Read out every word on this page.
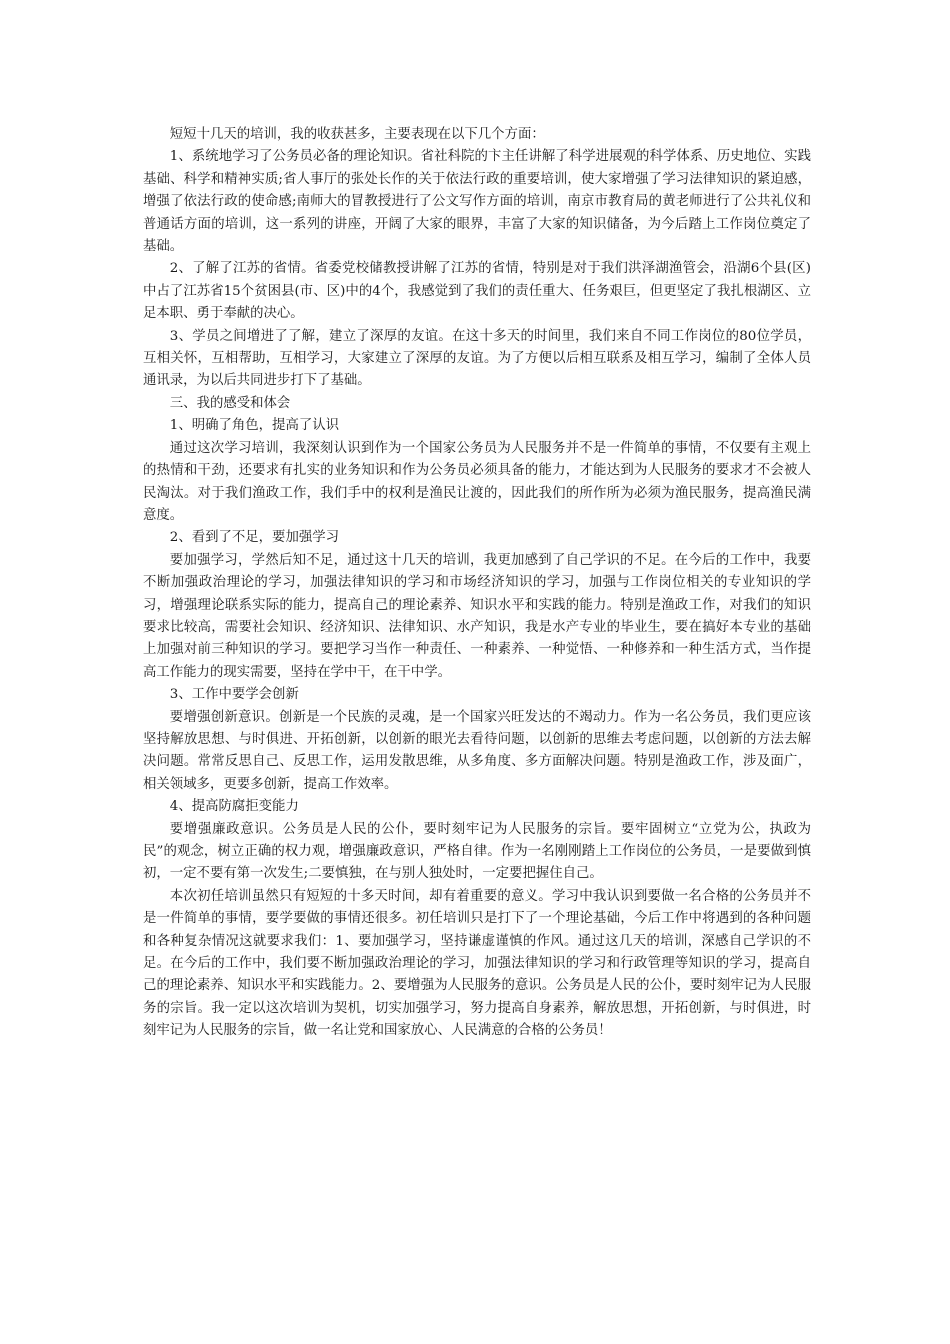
短短十几天的培训，我的收获甚多，主要表现在以下几个方面：

1、系统地学习了公务员必备的理论知识。省社科院的卞主任讲解了科学进展观的科学体系、历史地位、实践基础、科学和精神实质;省人事厅的张处长作的关于依法行政的重要培训，使大家增强了学习法律知识的紧迫感，增强了依法行政的使命感;南师大的冒教授进行了公文写作方面的培训，南京市教育局的黄老师进行了公共礼仪和普通话方面的培训，这一系列的讲座，开阔了大家的眼界，丰富了大家的知识储备，为今后踏上工作岗位奠定了基础。

2、了解了江苏的省情。省委党校储教授讲解了江苏的省情，特别是对于我们洪泽湖渔管会，沿湖6个县(区)中占了江苏省15个贫困县(市、区)中的4个，我感觉到了我们的责任重大、任务艰巨，但更坚定了我扎根湖区、立足本职、勇于奉献的决心。

3、学员之间增进了了解，建立了深厚的友谊。在这十多天的时间里，我们来自不同工作岗位的80位学员，互相关怀，互相帮助，互相学习，大家建立了深厚的友谊。为了方便以后相互联系及相互学习，编制了全体人员通讯录，为以后共同进步打下了基础。

三、我的感受和体会

1、明确了角色，提高了认识

通过这次学习培训，我深刻认识到作为一个国家公务员为人民服务并不是一件简单的事情，不仅要有主观上的热情和干劲，还要求有扎实的业务知识和作为公务员必须具备的能力，才能达到为人民服务的要求才不会被人民淘汰。对于我们渔政工作，我们手中的权利是渔民让渡的，因此我们的所作所为必须为渔民服务，提高渔民满意度。

2、看到了不足，要加强学习

要加强学习，学然后知不足，通过这十几天的培训，我更加感到了自己学识的不足。在今后的工作中，我要不断加强政治理论的学习，加强法律知识的学习和市场经济知识的学习，加强与工作岗位相关的专业知识的学习，增强理论联系实际的能力，提高自己的理论素养、知识水平和实践的能力。特别是渔政工作，对我们的知识要求比较高，需要社会知识、经济知识、法律知识、水产知识，我是水产专业的毕业生，要在搞好本专业的基础上加强对前三种知识的学习。要把学习当作一种责任、一种素养、一种觉悟、一种修养和一种生活方式，当作提高工作能力的现实需要，坚持在学中干，在干中学。

3、工作中要学会创新

要增强创新意识。创新是一个民族的灵魂，是一个国家兴旺发达的不竭动力。作为一名公务员，我们更应该坚持解放思想、与时俱进、开拓创新，以创新的眼光去看待问题，以创新的思维去考虑问题，以创新的方法去解决问题。常常反思自己、反思工作，运用发散思维，从多角度、多方面解决问题。特别是渔政工作，涉及面广，相关领域多，更要多创新，提高工作效率。

4、提高防腐拒变能力

要增强廉政意识。公务员是人民的公仆，要时刻牢记为人民服务的宗旨。要牢固树立“立党为公，执政为民”的观念，树立正确的权力观，增强廉政意识，严格自律。作为一名刚刚踏上工作岗位的公务员，一是要做到慎初，一定不要有第一次发生;二要慎独，在与别人独处时，一定要把握住自己。

本次初任培训虽然只有短短的十多天时间，却有着重要的意义。学习中我认识到要做一名合格的公务员并不是一件简单的事情，要学要做的事情还很多。初任培训只是打下了一个理论基础，今后工作中将遇到的各种问题和各种复杂情况这就要求我们：1、要加强学习，坚持谦虚谨慎的作风。通过这几天的培训，深感自己学识的不足。在今后的工作中，我们要不断加强政治理论的学习，加强法律知识的学习和行政管理等知识的学习，提高自己的理论素养、知识水平和实践能力。2、要增强为人民服务的意识。公务员是人民的公仆，要时刻牢记为人民服务的宗旨。我一定以这次培训为契机，切实加强学习，努力提高自身素养，解放思想，开拓创新，与时俱进，时刻牢记为人民服务的宗旨，做一名让党和国家放心、人民满意的合格的公务员！
